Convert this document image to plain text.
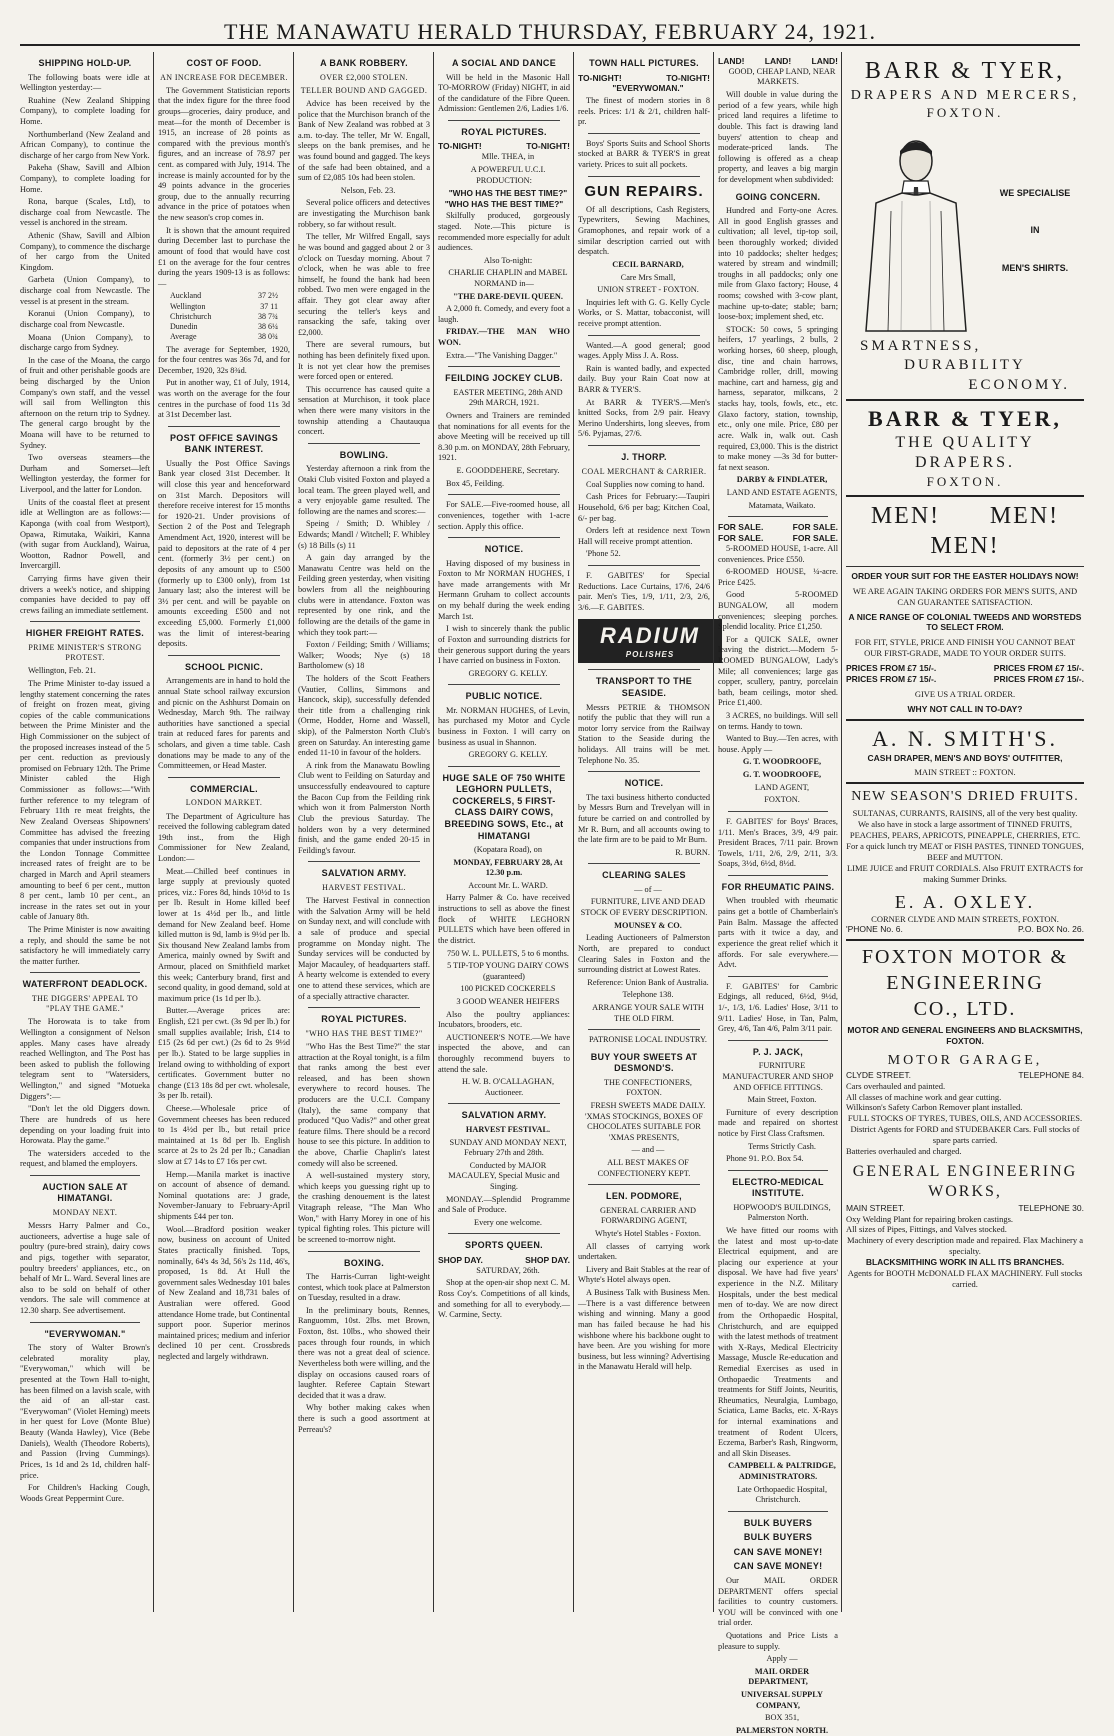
THE MANAWATU HERALD THURSDAY, FEBRUARY 24, 1921.
SHIPPING HOLD-UP.

The following boats were idle at Wellington yesterday:—

Ruahine (New Zealand Shipping Company), to complete loading for Home.

Northumberland (New Zealand and African Company), to continue the discharge of her cargo from New York.

Pakeha (Shaw, Savill and Albion Company), to complete loading for Home.

Rona, barque (Scales, Ltd), to discharge coal from Newcastle. The vessel is anchored in the stream.

Athenic (Shaw, Savill and Albion Company), to commence the discharge of her cargo from the United Kingdom.

Garbeta (Union Company), to discharge coal from Newcastle. The vessel is at present in the stream.

Koranui (Union Company), to discharge coal from Newcastle.

Moana (Union Company), to discharge cargo from Sydney.

In the case of the Moana, the cargo of fruit and other perishable goods are being discharged by the Union Company's own staff, and the vessel will sail from Wellington this afternoon on the return trip to Sydney. The general cargo brought by the Moana will have to be returned to Sydney.

Two overseas steamers—the Durham and Somerset—left Wellington yesterday, the former for Liverpool, and the latter for London.

Units of the coastal fleet at present idle at Wellington are as follows:—Kaponga (with coal from Westport), Opawa, Rimutaka, Waikiri, Kanna (with sugar from Auckland), Wairua, Wootton, Radnor Powell, and Invercargill.

Carrying firms have given their drivers a week's notice, and shipping companies have decided to pay off crews failing an immediate settlement.

HIGHER FREIGHT RATES.
PRIME MINISTER'S STRONG PROTEST.

Wellington, Feb. 21.

The Prime Minister to-day issued a lengthy statement concerning the rates of freight on frozen meat, giving copies of the cable communications between the Prime Minister and the High Commissioner on the subject of the proposed increases instead of the 5 per cent. reduction as previously promised on February 12th. The Prime Minister cabled the High Commissioner as follows:—"With further reference to my telegram of February 11th re meat freights, the New Zealand Overseas Shipowners' Committee has advised the freezing companies that under instructions from the London Tonnage Committee increased rates of freight are to be charged in March and April steamers amounting to beef 6 per cent., mutton 8 per cent., lamb 10 per cent., an increase in the rates set out in your cable of January 8th.

The Prime Minister is now awaiting a reply, and should the same be not satisfactory he will immediately carry the matter further.

WATERFRONT DEADLOCK.
THE DIGGERS' APPEAL TO "PLAY THE GAME."

The Horowata is to take from Wellington a consignment of Nelson apples. Many cases have already reached Wellington, and The Post has been asked to publish the following telegram sent to "Watersiders, Wellington," and signed "Motueka Diggers":—

"Don't let the old Diggers down. There are hundreds of us here depending on your loading fruit into Horowata. Play the game."

The watersiders acceded to the request, and blamed the employers.

AUCTION SALE AT HIMATANGI.
MONDAY NEXT.

Messrs Harry Palmer and Co., auctioneers, advertise a huge sale of poultry (pure-bred strain), dairy cows and pigs, together with separator, poultry breeders' appliances, etc., on behalf of Mr L. Ward. Several lines are also to be sold on behalf of other vendors. The sale will commence at 12.30 sharp. See advertisement.

"EVERYWOMAN."

The story of Walter Brown's celebrated morality play, "Everywoman," which will be presented at the Town Hall to-night, has been filmed on a lavish scale, with the aid of an all-star cast. "Everywoman" (Violet Heming) meets in her quest for Love (Monte Blue) Beauty (Wanda Hawley), Vice (Bebe Daniels), Wealth (Theodore Roberts), and Passion (Irving Cummings). Prices, 1s 1d and 2s 1d, children half-price.

For Children's Hacking Cough, Woods Great Peppermint Cure.

COST OF FOOD.
AN INCREASE FOR DECEMBER.

The Government Statistician reports that the index figure for the three food groups—groceries, dairy produce, and meat—for the month of December is 1915, an increase of 28 points as compared with the previous month's figures, and an increase of 78.97 per cent. as compared with July, 1914. The increase is mainly accounted for by the 49 points advance in the groceries group, due to the annually recurring advance in the price of potatoes when the new season's crop comes in.

It is shown that the amount required during December last to purchase the amount of food that would have cost £1 on the average for the four centres during the years 1909-13 is as follows:—

Auckland	37 2½
Wellington	37 11
Christchurch	38 7¾
Dunedin	38 6¼
Average	38 0¾

The average for September, 1920, for the four centres was 36s 7d, and for December, 1920, 32s 8¾d.

Put in another way, £1 of July, 1914, was worth on the average for the four centres in the purchase of food 11s 3d at 31st December last.

POST OFFICE SAVINGS BANK INTEREST.

Usually the Post Office Savings Bank year closed 31st December. It will close this year and henceforward on 31st March. Depositors will therefore receive interest for 15 months for 1920-21. Under provisions of Section 2 of the Post and Telegraph Amendment Act, 1920, interest will be paid to depositors at the rate of 4 per cent. (formerly 3½ per cent.) on deposits of any amount up to £500 (formerly up to £300 only), from 1st January last; also the interest will be 3½ per cent. and will be payable on amounts exceeding £500 and not exceeding £5,000. Formerly £1,000 was the limit of interest-bearing deposits.

SCHOOL PICNIC.

Arrangements are in hand to hold the annual State school railway excursion and picnic on the Ashhurst Domain on Wednesday, March 9th. The railway authorities have sanctioned a special train at reduced fares for parents and scholars, and given a time table. Cash donations may be made to any of the Committeemen, or Head Master.

COMMERCIAL.
LONDON MARKET.

The Department of Agriculture has received the following cablegram dated 19th inst., from the High Commissioner for New Zealand, London:—

Meat.—Chilled beef continues in large supply at previously quoted prices, viz.: Fores 8d, hinds 10½d to 1s per lb. Result in Home killed beef lower at 1s 4½d per lb., and little demand for New Zealand beef. Home killed mutton is 9d, lamb is 9½d per lb. Six thousand New Zealand lambs from America, mainly owned by Swift and Armour, placed on Smithfield market this week; Canterbury brand, first and second quality, in good demand, sold at maximum price (1s 1d per lb.).

Butter.—Average prices are: English, £21 per cwt. (3s 9d per lb.) for small supplies available; Irish, £14 to £15 (2s 6d per cwt.) (2s 6d to 2s 9½d per lb.). Stated to be large supplies in Ireland owing to withholding of export certificates. Government butter no change (£13 18s 8d per cwt. wholesale, 3s per lb. retail).

Cheese.—Wholesale price of Government cheeses has been reduced to 1s 4½d per lb., but retail price maintained at 1s 8d per lb. English scarce at 2s to 2s 2d per lb.; Canadian slow at £7 14s to £7 16s per cwt.

Hemp.—Manila market is inactive on account of absence of demand. Nominal quotations are: J grade, November-January to February-April shipments £44 per ton.

Wool.—Bradford position weaker now, business on account of United States practically finished. Tops, nominally, 64's 4s 3d, 56's 2s 11d, 46's, proposed, 1s 8d. At Hull the government sales Wednesday 101 bales of New Zealand and 18,731 bales of Australian were offered. Good attendance Home trade, but Continental support poor. Superior merinos maintained prices; medium and inferior declined 10 per cent. Crossbreds neglected and largely withdrawn.

A BANK ROBBERY.
OVER £2,000 STOLEN.
TELLER BOUND AND GAGGED.

Advice has been received by the police that the Murchison branch of the Bank of New Zealand was robbed at 3 a.m. to-day. The teller, Mr W. Engall, sleeps on the bank premises, and he was found bound and gagged. The keys of the safe had been obtained, and a sum of £2,085 10s had been stolen.

Nelson, Feb. 23.

Several police officers and detectives are investigating the Murchison bank robbery, so far without result.

The teller, Mr Wilfred Engall, says he was bound and gagged about 2 or 3 o'clock on Tuesday morning. About 7 o'clock, when he was able to free himself, he found the bank had been robbed. Two men were engaged in the affair. They got clear away after securing the teller's keys and ransacking the safe, taking over £2,000.

There are several rumours, but nothing has been definitely fixed upon. It is not yet clear how the premises were forced open or entered.

This occurrence has caused quite a sensation at Murchison, it took place when there were many visitors in the township attending a Chautauqua concert.

BOWLING.

Yesterday afternoon a rink from the Otaki Club visited Foxton and played a local team. The green played well, and a very enjoyable game resulted. The following are the names and scores:—

Speing / Smith; D. Whibley / Edwards; Mandl / Witchell; F. Whibley (s) 18 Bills (s) 11

A gain day arranged by the Manawatu Centre was held on the Feilding green yesterday, when visiting bowlers from all the neighbouring clubs were in attendance. Foxton was represented by one rink, and the following are the details of the game in which they took part:—

Foxton / Feilding; Smith / Williams; Walker; Woods; Nye (s) 18 Bartholomew (s) 18

The holders of the Scott Feathers (Vautier, Collins, Simmons and Hancock, skip), successfully defended their title from a challenging rink (Orme, Hodder, Horne and Wassell, skip), of the Palmerston North Club's green on Saturday. An interesting game ended 11-10 in favour of the holders.

A rink from the Manawatu Bowling Club went to Feilding on Saturday and unsuccessfully endeavoured to capture the Bacon Cup from the Feilding rink which won it from Palmerston North Club the previous Saturday. The holders won by a very determined finish, and the game ended 20-15 in Feilding's favour.

SALVATION ARMY.
HARVEST FESTIVAL.

The Harvest Festival in connection with the Salvation Army will be held on Sunday next, and will conclude with a sale of produce and special programme on Monday night. The Sunday services will be conducted by Major Macauley, of headquarters staff. A hearty welcome is extended to every one to attend these services, which are of a specially attractive character.

ROYAL PICTURES.
"WHO HAS THE BEST TIME?"

"Who Has the Best Time?" the star attraction at the Royal tonight, is a film that ranks among the best ever released, and has been shown everywhere to record houses. The producers are the U.C.I. Company (Italy), the same company that produced "Quo Vadis?" and other great feature films. There should be a record house to see this picture. In addition to the above, Charlie Chaplin's latest comedy will also be screened.

A well-sustained mystery story, which keeps you guessing right up to the crashing denouement is the latest Vitagraph release, "The Man Who Won," with Harry Morey in one of his typical fighting roles. This picture will be screened to-morrow night.

BOXING.

The Harris-Curran light-weight contest, which took place at Palmerston on Tuesday, resulted in a draw.

In the preliminary bouts, Rennes, Ranguomm, 10st. 2lbs. met Brown, Foxton, 8st. 10lbs., who showed their paces through four rounds, in which there was not a great deal of science. Nevertheless both were willing, and the display on occasions caused roars of laughter. Referee Captain Stewart decided that it was a draw.

Why bother making cakes when there is such a good assortment at Perreau's?

A SOCIAL AND DANCE

Will be held in the Masonic Hall TO-MORROW (Friday) NIGHT, in aid of the candidature of the Fibre Queen. Admission: Gentlemen 2/6, Ladies 1/6.

ROYAL PICTURES.
TO-NIGHT!	TO-NIGHT!

Mlle. THEA, in

A POWERFUL U.C.I. PRODUCTION:

"WHO HAS THE BEST TIME?" "WHO HAS THE BEST TIME?"

Skilfully produced, gorgeously staged. Note.—This picture is recommended more especially for adult audiences.

Also To-night:

CHARLIE CHAPLIN and MABEL NORMAND in—

"THE DARE-DEVIL QUEEN.

A 2,000 ft. Comedy, and every foot a laugh.

FRIDAY.—THE MAN WHO WON.

Extra.—"The Vanishing Dagger."

FEILDING JOCKEY CLUB.

EASTER MEETING, 28th AND 29th MARCH, 1921.

Owners and Trainers are reminded that nominations for all events for the above Meeting will be received up till 8.30 p.m. on MONDAY, 28th February, 1921.

E. GOODDEHERE, Secretary.

Box 45, Feilding.

For SALE.—Five-roomed house, all conveniences, together with 1-acre section. Apply this office.

NOTICE.

Having disposed of my business in Foxton to Mr NORMAN HUGHES, I have made arrangements with Mr Hermann Gruham to collect accounts on my behalf during the week ending March 1st.

I wish to sincerely thank the public of Foxton and surrounding districts for their generous support during the years I have carried on business in Foxton.

GREGORY G. KELLY.

PUBLIC NOTICE.

Mr. NORMAN HUGHES, of Levin, has purchased my Motor and Cycle business in Foxton. I will carry on business as usual in Shannon.

GREGORY G. KELLY.

HUGE SALE OF 750 WHITE LEGHORN PULLETS, COCKERELS, 5 FIRST-CLASS DAIRY COWS, BREEDING SOWS, Etc., at HIMATANGI

(Kopatara Road), on

MONDAY, FEBRUARY 28, At 12.30 p.m.

Account Mr. L. WARD.

Harry Palmer & Co. have received instructions to sell as above the finest flock of WHITE LEGHORN PULLETS which have been offered in the district.

750 W. L. PULLETS, 5 to 6 months.

5 TIP-TOP YOUNG DAIRY COWS (guaranteed)

100 PICKED COCKERELS

3 GOOD WEANER HEIFERS

Also the poultry appliances: Incubators, brooders, etc.

AUCTIONEER'S NOTE.—We have inspected the above, and can thoroughly recommend buyers to attend the sale.

H. W. B. O'CALLAGHAN, Auctioneer.

SALVATION ARMY.

HARVEST FESTIVAL.

SUNDAY AND MONDAY NEXT, February 27th and 28th.

Conducted by MAJOR MACAULEY, Special Music and Singing.

MONDAY.—Splendid Programme and Sale of Produce.

Every one welcome.

SPORTS QUEEN.
SHOP DAY.	SHOP DAY.

SATURDAY, 26th.

Shop at the open-air shop next C. M. Ross Coy's. Competitions of all kinds, and something for all to everybody.—W. Carmine, Secty.

TOWN HALL PICTURES.
TO-NIGHT!	TO-NIGHT!

"EVERYWOMAN."

The finest of modern stories in 8 reels. Prices: 1/1 & 2/1, children half-pr.

Boys' Sports Suits and School Shorts stocked at BARR & TYER'S in great variety. Prices to suit all pockets.

GUN REPAIRS.

Of all descriptions, Cash Registers, Typewriters, Sewing Machines, Gramophones, and repair work of a similar description carried out with despatch.

CECIL BARNARD,

Care Mrs Small,

UNION STREET - FOXTON.

Inquiries left with G. G. Kelly Cycle Works, or S. Mattar, tobacconist, will receive prompt attention.

Wanted.—A good general; good wages. Apply Miss J. A. Ross.

Rain is wanted badly, and expected daily. Buy your Rain Coat now at BARR & TYER'S.

At BARR & TYER'S.—Men's knitted Socks, from 2/9 pair. Heavy Merino Undershirts, long sleeves, from 5/6. Pyjamas, 27/6.

J. THORP.
COAL MERCHANT & CARRIER.

Coal Supplies now coming to hand.

Cash Prices for February:—Taupiri Household, 6/6 per bag; Kitchen Coal, 6/- per bag.

Orders left at residence next Town Hall will receive prompt attention.

'Phone 52.

F. GABITES' for Special Reductions. Lace Curtains, 17/6, 24/6 pair. Men's Ties, 1/9, 1/11, 2/3, 2/6, 3/6.—F. GABITES.

RADIUM
POLISHES
TRANSPORT TO THE SEASIDE.

Messrs PETRIE & THOMSON notify the public that they will run a motor lorry service from the Railway Station to the Seaside during the holidays. All trains will be met. Telephone No. 35.

NOTICE.

The taxi business hitherto conducted by Messrs Burn and Trevelyan will in future be carried on and controlled by Mr R. Burn, and all accounts owing to the late firm are to be paid to Mr Burn.

R. BURN.

CLEARING SALES

— of —

FURNITURE, LIVE AND DEAD STOCK OF EVERY DESCRIPTION.

MOUNSEY & CO.

Leading Auctioneers of Palmerston North, are prepared to conduct Clearing Sales in Foxton and the surrounding district at Lowest Rates.

Reference: Union Bank of Australia.

Telephone 138.

ARRANGE YOUR SALE WITH THE OLD FIRM.

PATRONISE LOCAL INDUSTRY.

BUY YOUR SWEETS AT DESMOND'S.

THE CONFECTIONERS, FOXTON.

FRESH SWEETS MADE DAILY. 'XMAS STOCKINGS, BOXES OF CHOCOLATES SUITABLE FOR 'XMAS PRESENTS,

— and —

ALL BEST MAKES OF CONFECTIONERY KEPT.

LEN. PODMORE,

GENERAL CARRIER AND FORWARDING AGENT,

Whyte's Hotel Stables - Foxton.

All classes of carrying work undertaken.

Livery and Bait Stables at the rear of Whyte's Hotel always open.

A Business Talk with Business Men.—There is a vast difference between wishing and winning. Many a good man has failed because he had his wishbone where his backbone ought to have been. Are you wishing for more business, but less winning? Advertising in the Manawatu Herald will help.

LAND! LAND! LAND!

GOOD, CHEAP LAND, NEAR MARKETS.

Will double in value during the period of a few years, while high priced land requires a lifetime to double. This fact is drawing land buyers' attention to cheap and moderate-priced lands. The following is offered as a cheap property, and leaves a big margin for development when subdivided:

GOING CONCERN.

Hundred and Forty-one Acres. All in good English grasses and cultivation; all level, tip-top soil, been thoroughly worked; divided into 10 paddocks; shelter hedges; watered by stream and windmill; troughs in all paddocks; only one mile from Glaxo factory; House, 4 rooms; cowshed with 3-cow plant, machine up-to-date; stable; barn; loose-box; implement shed, etc.

STOCK: 50 cows, 5 springing heifers, 17 yearlings, 2 bulls, 2 working horses, 60 sheep, plough, disc, tine and chain harrows, Cambridge roller, drill, mowing machine, cart and harness, gig and harness, separator, milkcans, 2 stacks hay, tools, fowls, etc., etc. Glaxo factory, station, township, etc., only one mile. Price, £80 per acre. Walk in, walk out. Cash required, £3,000. This is the district to make money —3s 3d for butter-fat next season.

DARBY & FINDLATER,

LAND AND ESTATE AGENTS,

Matamata, Waikato.

FOR SALE.	FOR SALE.
FOR SALE.	FOR SALE.

5-ROOMED HOUSE, 1-acre. All conveniences. Price £550.

6-ROOMED HOUSE, ¼-acre. Price £425.

Good 5-ROOMED BUNGALOW, all modern conveniences; sleeping porches. Splendid locality. Price £1,250.

For a QUICK SALE, owner leaving the district.—Modern 5-ROOMED BUNGALOW, Lady's Mile; all conveniences; large gas copper, scullery, pantry, porcelain bath, beam ceilings, motor shed. Price £1,400.

3 ACRES, no buildings. Will sell on terms. Handy to town.

Wanted to Buy.—Ten acres, with house. Apply —

G. T. WOODROOFE,

G. T. WOODROOFE,

LAND AGENT,

FOXTON.

F. GABITES' for Boys' Braces, 1/11. Men's Braces, 3/9, 4/9 pair. President Braces, 7/11 pair. Brown Towels, 1/11, 2/6, 2/9, 2/11, 3/3. Soaps, 3½d, 6½d, 8½d.

FOR RHEUMATIC PAINS.

When troubled with rheumatic pains get a bottle of Chamberlain's Pain Balm. Massage the affected parts with it twice a day, and experience the great relief which it affords. For sale everywhere.—Advt.

F. GABITES' for Cambric Edgings, all reduced, 6½d, 9½d, 1/-, 1/3, 1/6. Ladies' Hose, 3/11 to 9/11. Ladies' Hose, in Tan, Palm, Grey, 4/6, Tan 4/6, Palm 3/11 pair.

P. J. JACK,

FURNITURE MANUFACTURER AND SHOP AND OFFICE FITTINGS.

Main Street, Foxton.

Furniture of every description made and repaired on shortest notice by First Class Craftsmen.

Terms Strictly Cash.

Phone 91. P.O. Box 54.

ELECTRO-MEDICAL INSTITUTE.

HOPWOOD'S BUILDINGS, Palmerston North.

We have fitted our rooms with the latest and most up-to-date Electrical equipment, and are placing our experience at your disposal. We have had five years' experience in the N.Z. Military Hospitals, under the best medical men of to-day. We are now direct from the Orthopaedic Hospital, Christchurch, and are equipped with the latest methods of treatment with X-Rays, Medical Electricity Massage, Muscle Re-education and Remedial Exercises as used in Orthopaedic Treatments and treatments for Stiff Joints, Neuritis, Rheumatics, Neuralgia, Lumbago, Sciatica, Lame Backs, etc. X-Rays for internal examinations and treatment of Rodent Ulcers, Eczema, Barber's Rash, Ringworm, and all Skin Diseases.

CAMPBELL & PALTRIDGE, ADMINISTRATORS.

Late Orthopaedic Hospital, Christchurch.

BULK BUYERS
BULK BUYERS
CAN SAVE MONEY!
CAN SAVE MONEY!

Our MAIL ORDER DEPARTMENT offers special facilities to country customers. YOU will be convinced with one trial order.

Quotations and Price Lists a pleasure to supply.

Apply —

MAIL ORDER DEPARTMENT,

UNIVERSAL SUPPLY COMPANY,

BOX 351,

PALMERSTON NORTH.

BARR & TYER,
DRAPERS AND MERCERS,
FOXTON.
WE SPECIALISE
IN
MEN'S SHIRTS.
SMARTNESS,
DURABILITY
ECONOMY.
BARR & TYER,
THE QUALITY DRAPERS.
FOXTON.
MEN! MEN!
MEN!
ORDER YOUR SUIT FOR THE EASTER HOLIDAYS NOW!
WE ARE AGAIN TAKING ORDERS FOR MEN'S SUITS, AND CAN GUARANTEE SATISFACTION.
A NICE RANGE OF COLONIAL TWEEDS AND WORSTEDS TO SELECT FROM.
FOR FIT, STYLE, PRICE AND FINISH YOU CANNOT BEAT OUR FIRST-GRADE, MADE TO YOUR ORDER SUITS.
PRICES FROM £7 15/-.	PRICES FROM £7 15/-.
PRICES FROM £7 15/-.	PRICES FROM £7 15/-.
GIVE US A TRIAL ORDER.
WHY NOT CALL IN TO-DAY?
A. N. SMITH'S.
CASH DRAPER, MEN'S AND BOYS' OUTFITTER,
MAIN STREET :: FOXTON.
NEW SEASON'S DRIED FRUITS.
SULTANAS, CURRANTS, RAISINS, all of the very best quality.
We also have in stock a large assortment of TINNED FRUITS, PEACHES, PEARS, APRICOTS, PINEAPPLE, CHERRIES, ETC.
For a quick lunch try MEAT or FISH PASTES, TINNED TONGUES, BEEF and MUTTON.
LIME JUICE and FRUIT CORDIALS. Also FRUIT EXTRACTS for making Summer Drinks.
E. A. OXLEY.
CORNER CLYDE AND MAIN STREETS, FOXTON.
'PHONE No. 6.	P.O. BOX No. 26.
FOXTON MOTOR &
ENGINEERING
CO., LTD.
MOTOR AND GENERAL ENGINEERS AND BLACKSMITHS,
FOXTON.
MOTOR GARAGE,
CLYDE STREET.	TELEPHONE 84.
Cars overhauled and painted.
All classes of machine work and gear cutting.
Wilkinson's Safety Carbon Remover plant installed.
FULL STOCKS OF TYRES, TUBES, OILS, AND ACCESSORIES.
District Agents for FORD and STUDEBAKER Cars. Full stocks of spare parts carried.
Batteries overhauled and charged.
GENERAL ENGINEERING
WORKS,
MAIN STREET.	TELEPHONE 30.
Oxy Welding Plant for repairing broken castings.
All sizes of Pipes, Fittings, and Valves stocked.
Machinery of every description made and repaired. Flax Machinery a specialty.
BLACKSMITHING WORK IN ALL ITS BRANCHES.
Agents for BOOTH McDONALD FLAX MACHINERY. Full stocks carried.
